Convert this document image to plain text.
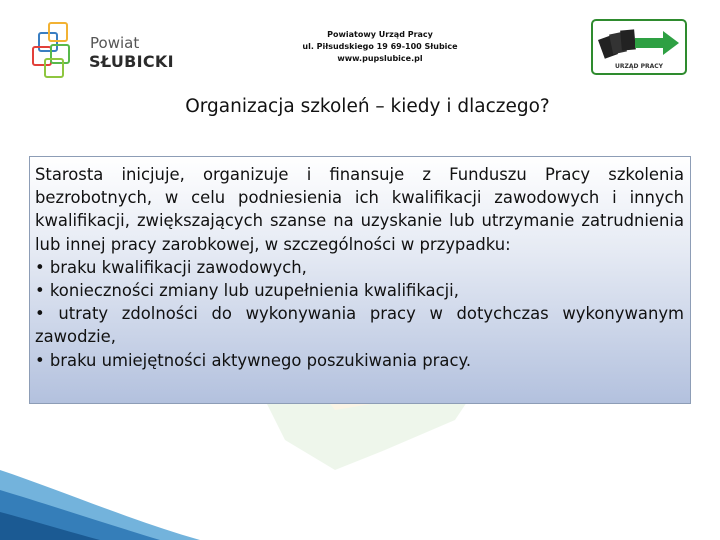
Powiat
SŁUBICKI
Powiatowy Urząd Pracy
ul. Piłsudskiego 19 69-100 Słubice
www.pupslubice.pl
URZĄD PRACY
Organizacja szkoleń – kiedy i dlaczego?

Starosta inicjuje, organizuje i finansuje z Funduszu Pracy szkolenia bezrobotnych, w celu podniesienia ich kwalifikacji zawodowych i innych kwalifikacji, zwiększających szanse na uzyskanie lub utrzymanie zatrudnienia lub innej pracy zarobkowej, w szczególności w przypadku:

• braku kwalifikacji zawodowych,

• konieczności zmiany lub uzupełnienia kwalifikacji,

• utraty zdolności do wykonywania pracy w dotychczas wykonywanym zawodzie,

• braku umiejętności aktywnego poszukiwania pracy.
